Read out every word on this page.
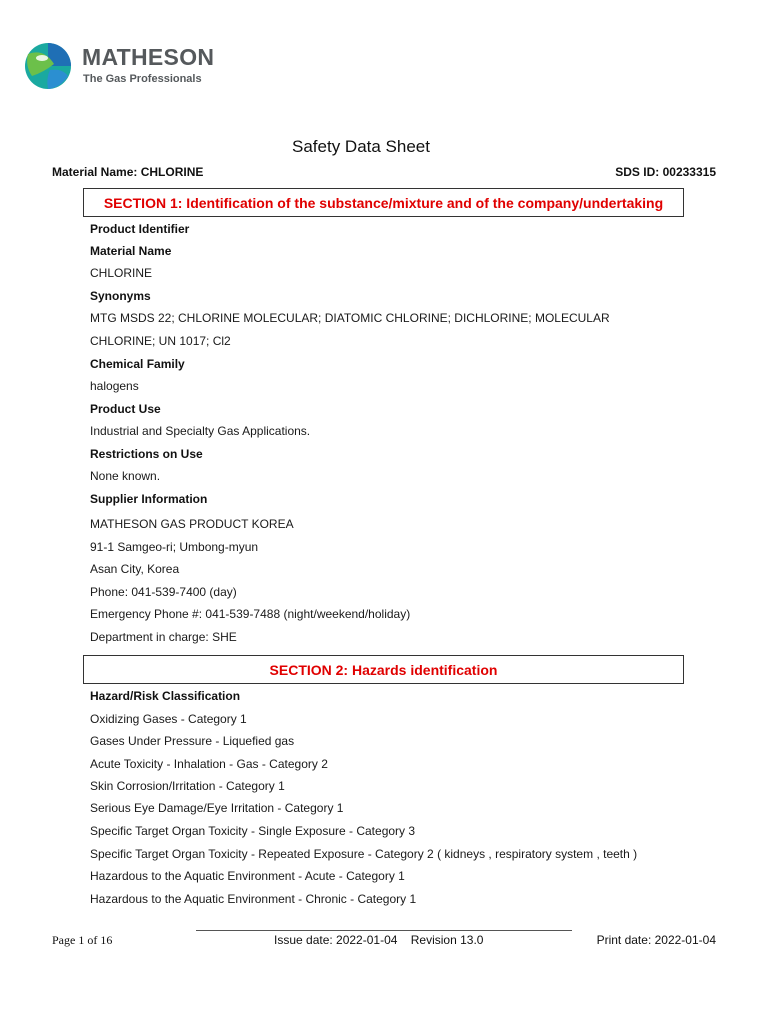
MATHESON
The Gas Professionals
Safety Data Sheet
Material Name: CHLORINE	SDS ID: 00233315
SECTION 1: Identification of the substance/mixture and of the company/undertaking
Product Identifier
Material Name
CHLORINE
Synonyms
MTG MSDS 22; CHLORINE MOLECULAR; DIATOMIC CHLORINE; DICHLORINE; MOLECULAR
CHLORINE; UN 1017; Cl2
Chemical Family
halogens
Product Use
Industrial and Specialty Gas Applications.
Restrictions on Use
None known.
Supplier Information
MATHESON GAS PRODUCT KOREA
91-1 Samgeo-ri; Umbong-myun
Asan City, Korea
Phone: 041-539-7400 (day)
Emergency Phone #: 041-539-7488 (night/weekend/holiday)
Department in charge: SHE
SECTION 2: Hazards identification
Hazard/Risk Classification
Oxidizing Gases - Category 1
Gases Under Pressure - Liquefied gas
Acute Toxicity - Inhalation - Gas - Category 2
Skin Corrosion/Irritation - Category 1
Serious Eye Damage/Eye Irritation - Category 1
Specific Target Organ Toxicity - Single Exposure - Category 3
Specific Target Organ Toxicity - Repeated Exposure - Category 2 ( kidneys , respiratory system , teeth )
Hazardous to the Aquatic Environment - Acute - Category 1
Hazardous to the Aquatic Environment - Chronic - Category 1
Page 1 of 16	Issue date: 2022-01-04    Revision 13.0	Print date: 2022-01-04
